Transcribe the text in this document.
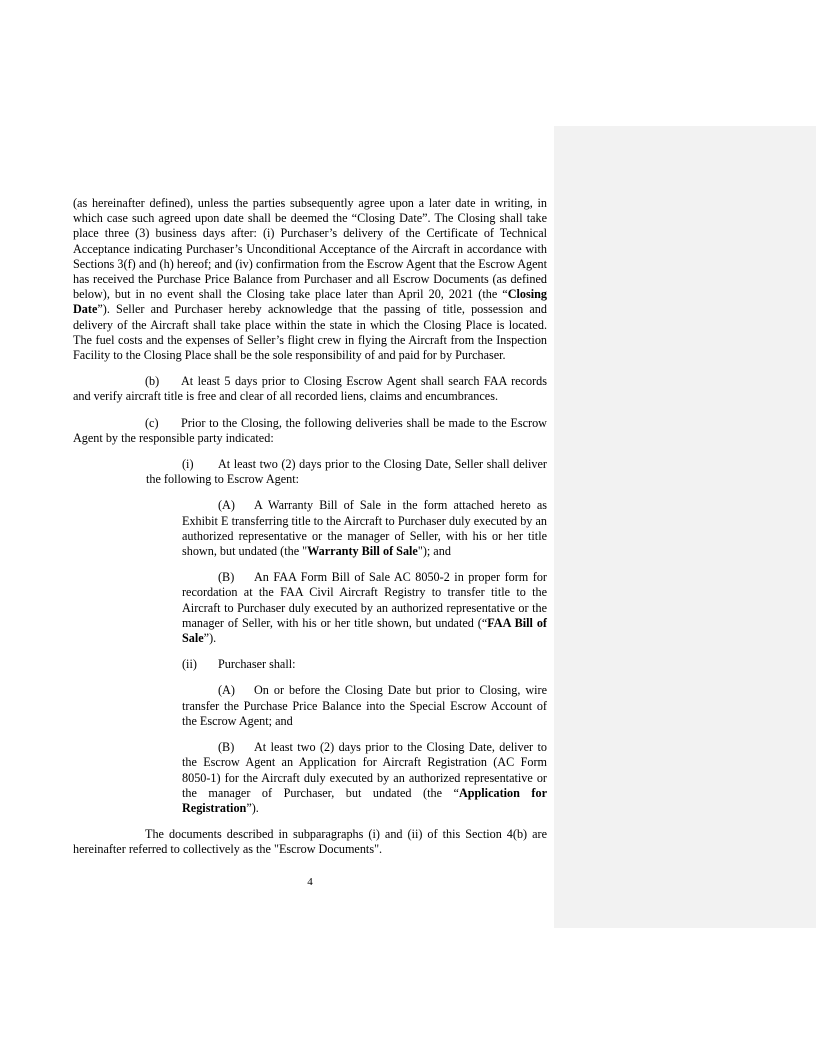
(as hereinafter defined), unless the parties subsequently agree upon a later date in writing, in which case such agreed upon date shall be deemed the “Closing Date”. The Closing shall take place three (3) business days after: (i) Purchaser’s delivery of the Certificate of Technical Acceptance indicating Purchaser’s Unconditional Acceptance of the Aircraft in accordance with Sections 3(f) and (h) hereof; and (iv) confirmation from the Escrow Agent that the Escrow Agent has received the Purchase Price Balance from Purchaser and all Escrow Documents (as defined below), but in no event shall the Closing take place later than April 20, 2021 (the “Closing Date”). Seller and Purchaser hereby acknowledge that the passing of title, possession and delivery of the Aircraft shall take place within the state in which the Closing Place is located. The fuel costs and the expenses of Seller’s flight crew in flying the Aircraft from the Inspection Facility to the Closing Place shall be the sole responsibility of and paid for by Purchaser.

(b) At least 5 days prior to Closing Escrow Agent shall search FAA records and verify aircraft title is free and clear of all recorded liens, claims and encumbrances.

(c) Prior to the Closing, the following deliveries shall be made to the Escrow Agent by the responsible party indicated:

(i) At least two (2) days prior to the Closing Date, Seller shall deliver the following to Escrow Agent:

(A) A Warranty Bill of Sale in the form attached hereto as Exhibit E transferring title to the Aircraft to Purchaser duly executed by an authorized representative or the manager of Seller, with his or her title shown, but undated (the "Warranty Bill of Sale"); and

(B) An FAA Form Bill of Sale AC 8050-2 in proper form for recordation at the FAA Civil Aircraft Registry to transfer title to the Aircraft to Purchaser duly executed by an authorized representative or the manager of Seller, with his or her title shown, but undated (“FAA Bill of Sale”).

(ii) Purchaser shall:

(A) On or before the Closing Date but prior to Closing, wire transfer the Purchase Price Balance into the Special Escrow Account of the Escrow Agent; and

(B) At least two (2) days prior to the Closing Date, deliver to the Escrow Agent an Application for Aircraft Registration (AC Form 8050-1) for the Aircraft duly executed by an authorized representative or the manager of Purchaser, but undated (the “Application for Registration”).

The documents described in subparagraphs (i) and (ii) of this Section 4(b) are hereinafter referred to collectively as the "Escrow Documents".

4
